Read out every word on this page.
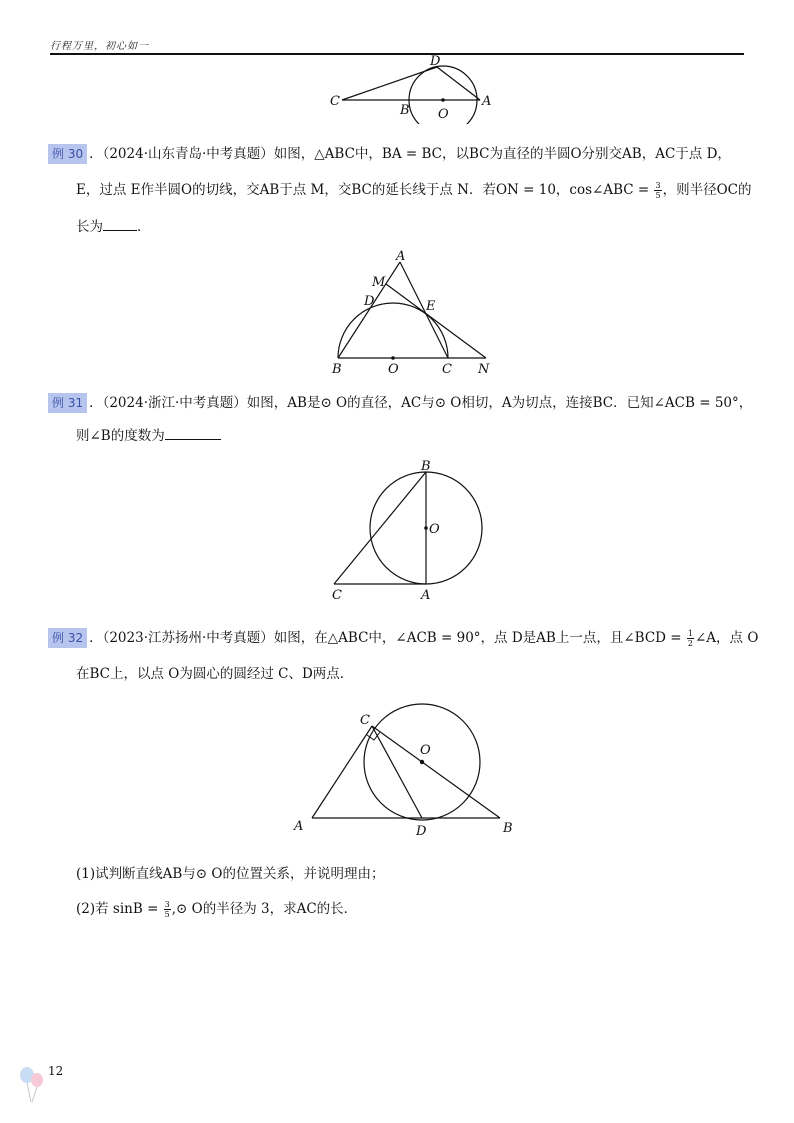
行程万里，初心如一
C
B O
A
D
例 30 ．（2024·山东青岛·中考真题）如图，△ABC中，BA = BC，以BC为直径的半圆O分别交AB，AC于点 D，
E，过点 E作半圆O的切线，交AB于点 M，交BC的延长线于点 N．若ON = 10，cos∠ABC = $\frac{3}{5}$ ，则半径OC的
长为	．
A
M
D	E
B	O	C N
例 31 ．（2024·浙江·中考真题）如图，AB是⊙ O的直径，AC与⊙ O相切，A为切点，连接BC．已知∠ACB = 50°，
则∠B的度数为
B
O
C	A
例 32 ．（2023·江苏扬州·中考真题）如图，在△ABC中，∠ACB = 90°，点 D是AB上一点，且∠BCD = $\frac{1}{2}$ ∠A，点 O
在BC上，以点 O为圆心的圆经过 C、D两点．
C
O
A	D	B
(1)试判断直线AB与⊙ O的位置关系，并说明理由；
(2)若 $\sin B = \frac{3}{5}$ ,⊙ O的半径为 3，求AC的长．
12
